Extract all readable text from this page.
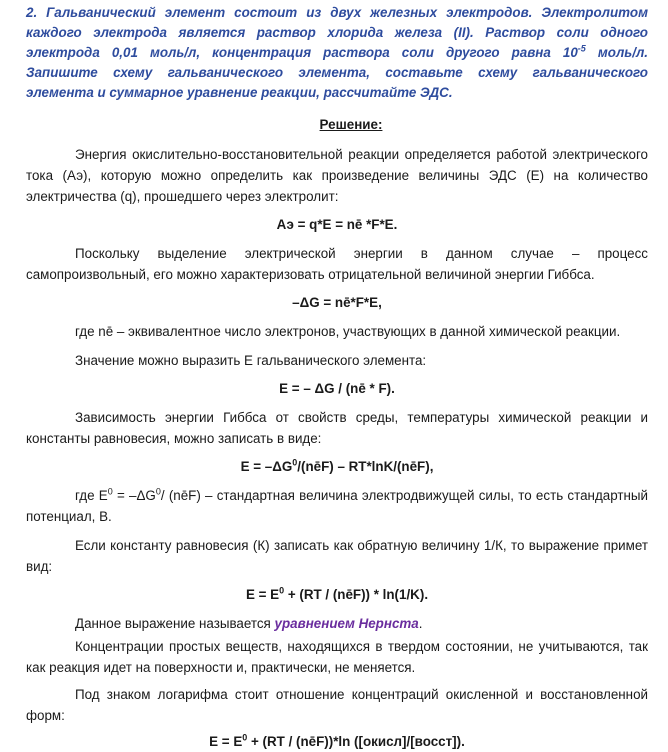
2. Гальванический элемент состоит из двух железных электродов. Электролитом каждого электрода является раствор хлорида железа (II). Раствор соли одного электрода 0,01 моль/л, концентрация раствора соли другого равна $10^{-5}$ моль/л. Запишите схему гальванического элемента, составьте схему гальванического элемента и суммарное уравнение реакции, рассчитайте ЭДС.
Решение:

Энергия окислительно-восстановительной реакции определяется работой электрического тока (Аэ), которую можно определить как произведение величины ЭДС (Е) на количество электричества (q), прошедшего через электролит:

Аэ = q*E = nē *F*E.

Поскольку выделение электрической энергии в данном случае – процесс самопроизвольный, его можно характеризовать отрицательной величиной энергии Гиббса.

–ΔG = nē*F*E,

где nē – эквивалентное число электронов, участвующих в данной химической реакции.

Значение можно выразить Е гальванического элемента:

E = – ΔG / (nē * F).

Зависимость энергии Гиббса от свойств среды, температуры химической реакции и константы равновесия, можно записать в виде:

$E = -\Delta G^0/(nēF)$ – RT*lnK/(nēF),

где $E^0 = -\Delta G^0/$ (nēF) – стандартная величина электродвижущей силы, то есть стандартный потенциал, В.

Если константу равновесия (К) записать как обратную величину 1/К, то выражение примет вид:

$E = E^0 + (RT$ / (nēF)) * ln(1/K).

Данное выражение называется уравнением Нернста.

Концентрации простых веществ, находящихся в твердом состоянии, не учитываются, так как реакция идет на поверхности и, практически, не меняется.

Под знаком логарифма стоит отношение концентраций окисленной и восстановленной форм:

$E = E^0 + (RT$ / (nēF))*ln ([окисл]/[восст]).
